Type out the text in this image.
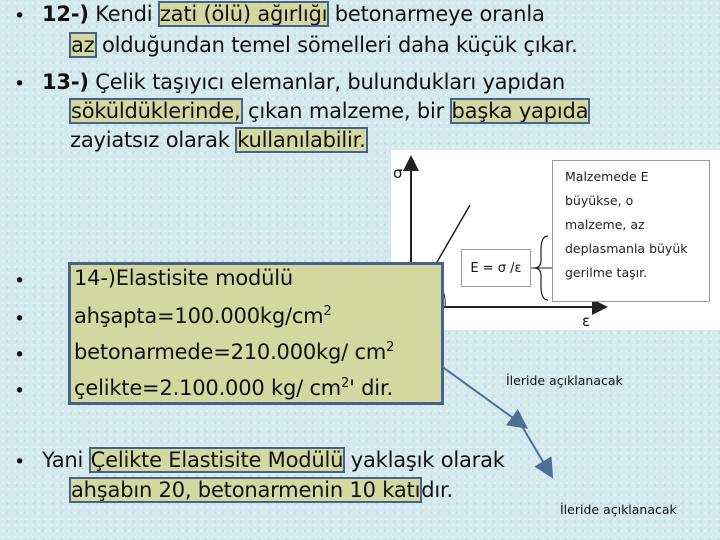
• 12-) Kendi zati (ölü) ağırlığı betonarmeye oranla
az olduğundan temel sömelleri daha küçük çıkar.
• 13-) Çelik taşıyıcı elemanlar, bulundukları yapıdan
söküldüklerinde, çıkan malzeme, bir başka yapıda
zayiatsız olarak kullanılabilir.
σ
ε
E = σ /ε
Malzemede E
büyükse, o
malzeme, az
deplasmanla büyük
gerilme taşır.
•
•
•
•
14-)Elastisite modülü
$ahşapta=100.000kg/cm^2$
betonarmede=210.000kg/ $cm^2$
çelikte=2.100.000 kg/ $cm^2'$ dir.	İleride açıklanacak
• Yani Çelikte Elastisite Modülü yaklaşık olarak
ahşabın 20, betonarmenin 10 katıdır.
İleride açıklanacak
